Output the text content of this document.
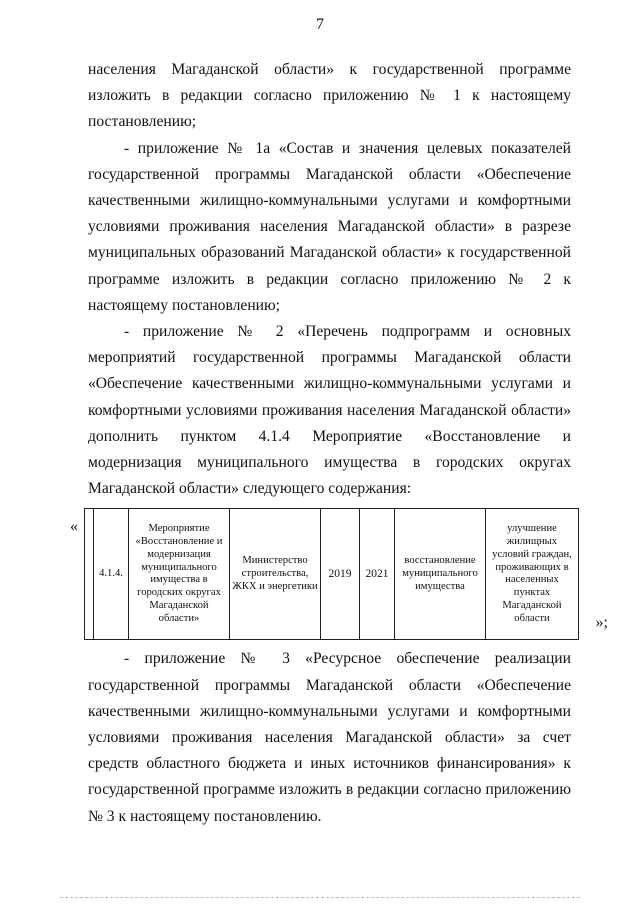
7

населения Магаданской области» к государственной программе изложить в редакции согласно приложению № 1 к настоящему постановлению;

- приложение № 1а «Состав и значения целевых показателей государственной программы Магаданской области «Обеспечение качественными жилищно-коммунальными услугами и комфортными условиями проживания населения Магаданской области» в разрезе муниципальных образований Магаданской области» к государственной программе изложить в редакции согласно приложению № 2 к настоящему постановлению;

- приложение № 2 «Перечень подпрограмм и основных мероприятий государственной программы Магаданской области «Обеспечение качественными жилищно-коммунальными услугами и комфортными условиями проживания населения Магаданской области» дополнить пунктом 4.1.4 Мероприятие «Восстановление и модернизация муниципального имущества в городских округах Магаданской области» следующего содержания:

«
	4.1.4.	Мероприятие «Восстановление и модернизация муниципального имущества в городских округах Магаданской области»	Министерство строительства, ЖКХ и энергетики	2019	2021	восстановление муниципального имущества	улучшение жилищных условий граждан, проживающих в населенных пунктах Магаданской области	»;

- приложение № 3 «Ресурсное обеспечение реализации государственной программы Магаданской области «Обеспечение качественными жилищно-коммунальными услугами и комфортными условиями проживания населения Магаданской области» за счет средств областного бюджета и иных источников финансирования» к государственной программе изложить в редакции согласно приложению № 3 к настоящему постановлению.
